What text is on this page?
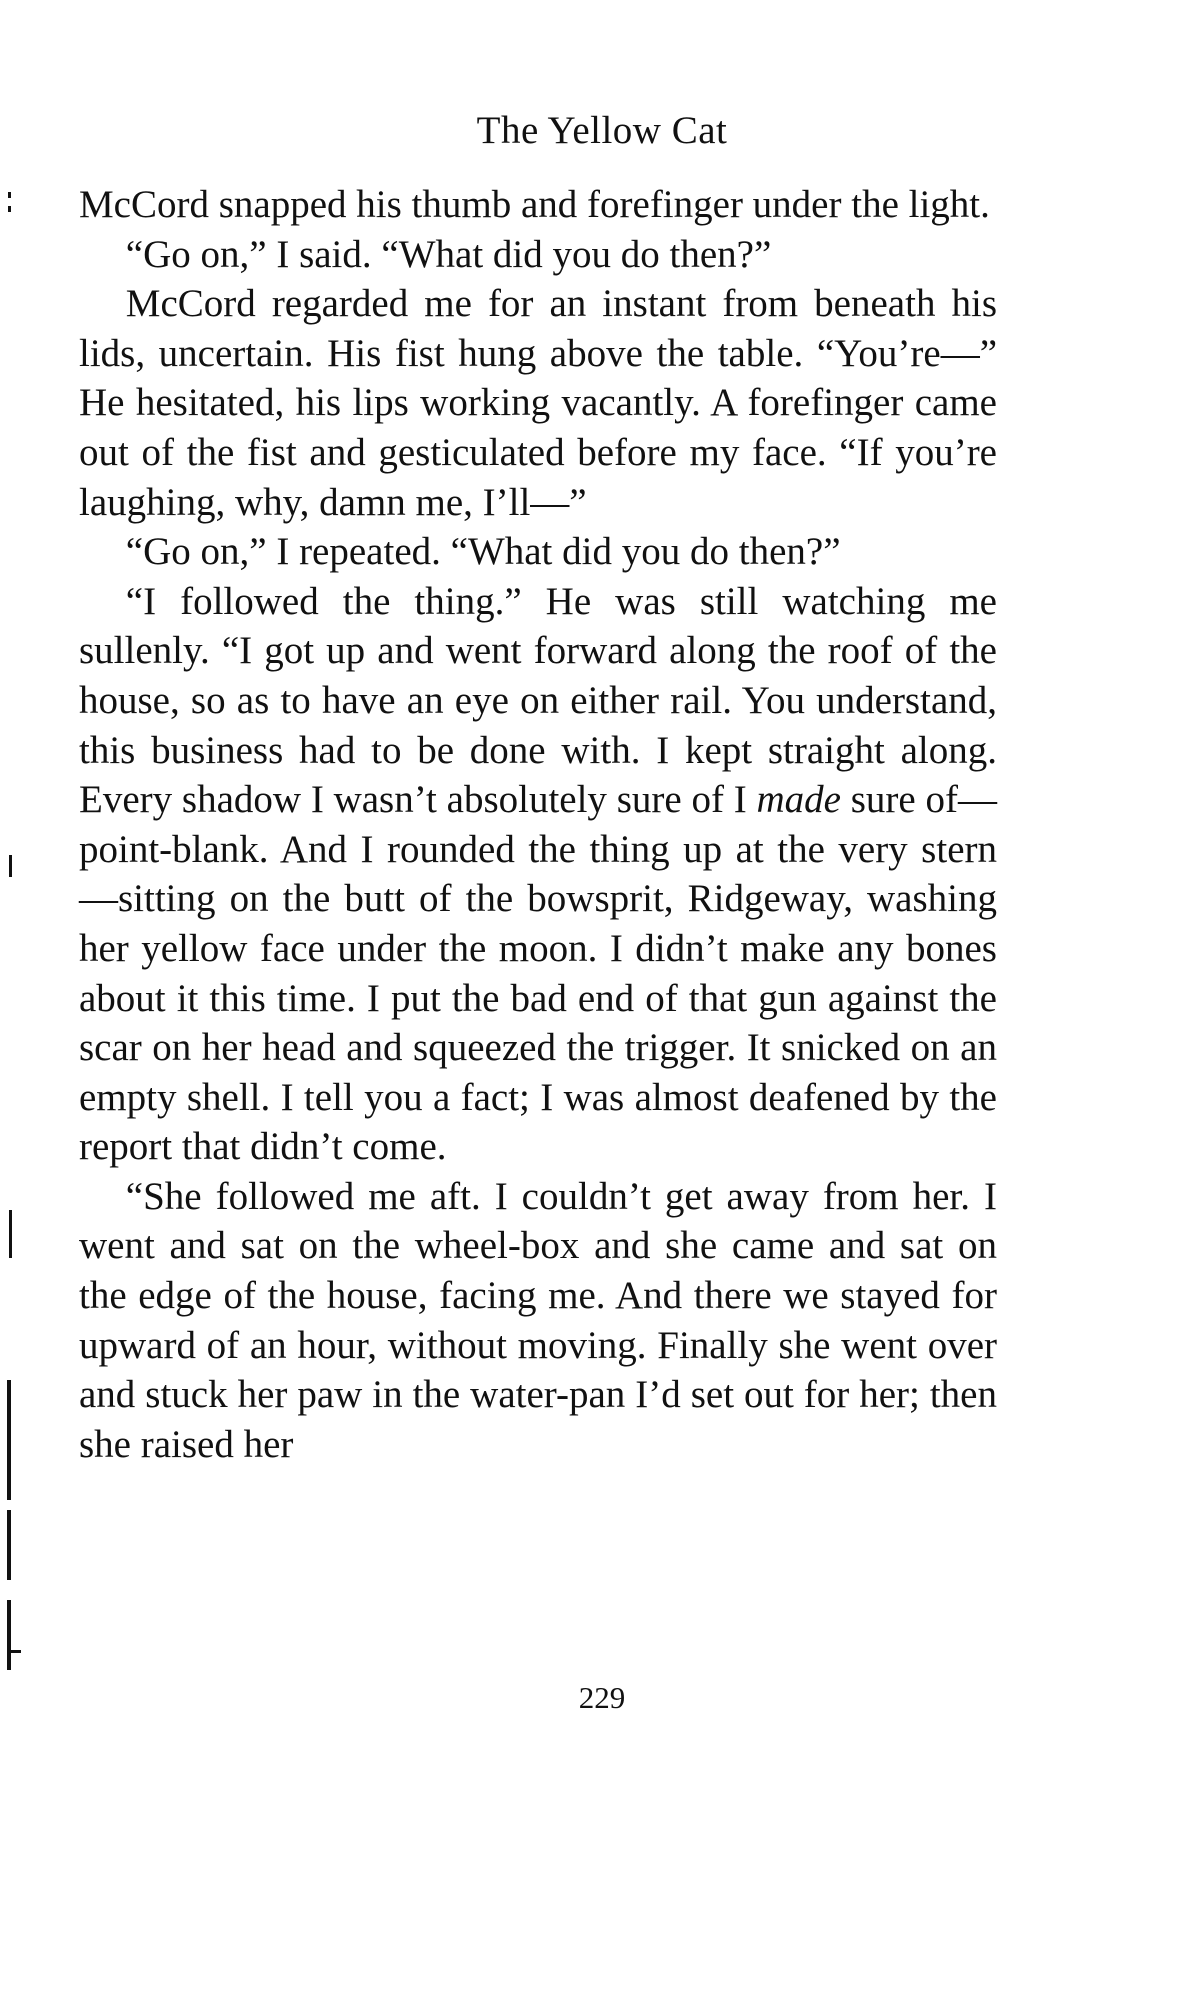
The Yellow Cat

McCord snapped his thumb and forefinger under the light.

“Go on,” I said. “What did you do then?”

McCord regarded me for an instant from beneath his lids, uncertain. His fist hung above the table. “You’re—” He hesitated, his lips working vacantly. A forefinger came out of the fist and gesticulated before my face. “If you’re laughing, why, damn me, I’ll—”

“Go on,” I repeated. “What did you do then?”

“I followed the thing.” He was still watching me sullenly. “I got up and went forward along the roof of the house, so as to have an eye on either rail. You understand, this business had to be done with. I kept straight along. Every shadow I wasn’t absolutely sure of I made sure of—point-blank. And I rounded the thing up at the very stern—sitting on the butt of the bowsprit, Ridgeway, washing her yellow face under the moon. I didn’t make any bones about it this time. I put the bad end of that gun against the scar on her head and squeezed the trigger. It snicked on an empty shell. I tell you a fact; I was almost deafened by the report that didn’t come.

“She followed me aft. I couldn’t get away from her. I went and sat on the wheel-box and she came and sat on the edge of the house, facing me. And there we stayed for upward of an hour, without moving. Finally she went over and stuck her paw in the water-pan I’d set out for her; then she raised her

229
